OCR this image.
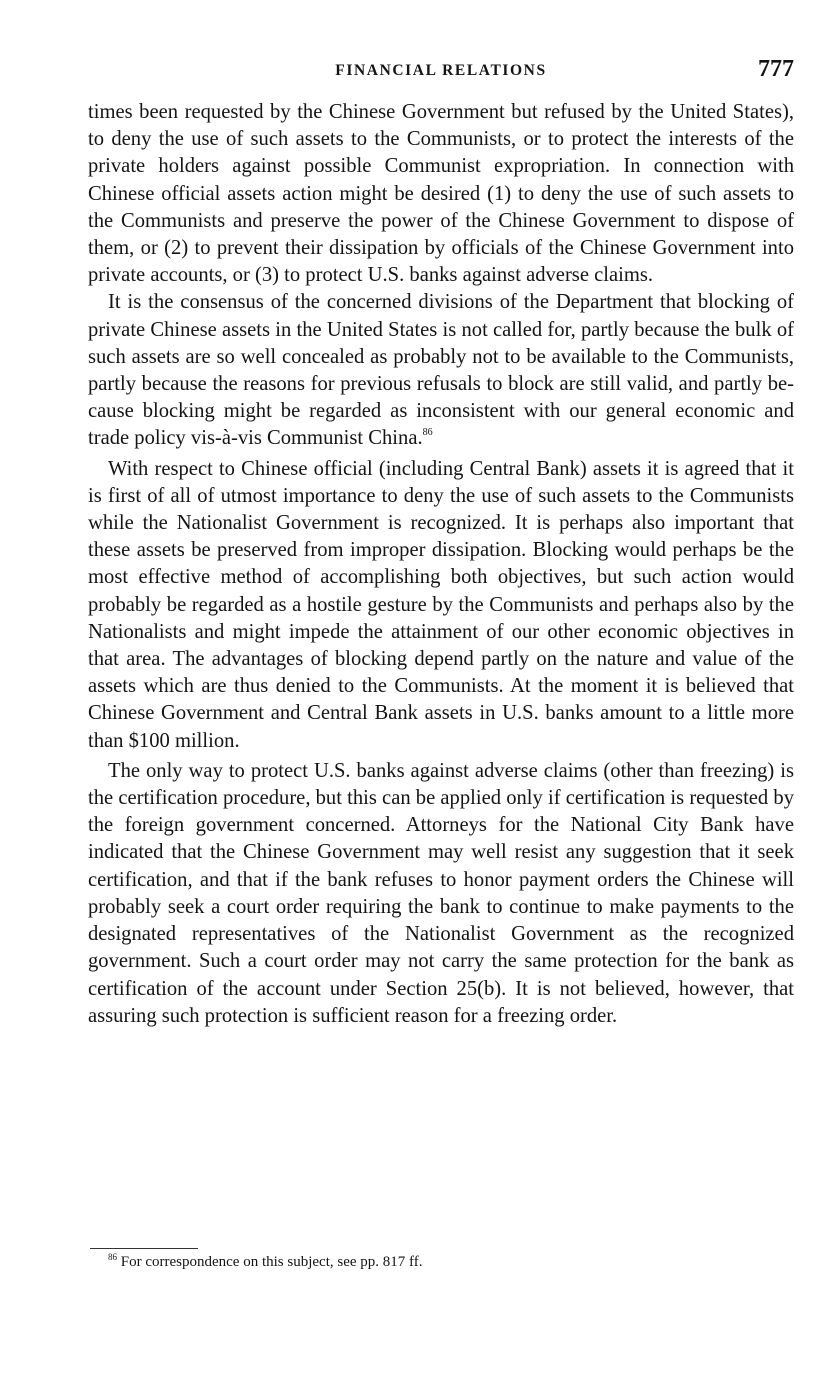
FINANCIAL RELATIONS	777

times been requested by the Chinese Government but refused by the United States), to deny the use of such assets to the Communists, or to protect the interests of the private holders against possible Communist expropriation. In connection with Chinese official assets action might be desired (1) to deny the use of such assets to the Communists and preserve the power of the Chinese Government to dispose of them, or (2) to prevent their dissipation by officials of the Chinese Government into private accounts, or (3) to protect U.S. banks against adverse claims.

It is the consensus of the concerned divisions of the Department that blocking of private Chinese assets in the United States is not called for, partly because the bulk of such assets are so well concealed as probably not to be available to the Communists, partly because the reasons for previous refusals to block are still valid, and partly because blocking might be regarded as inconsistent with our general economic and trade policy vis-à-vis Communist China.$^{86}$

With respect to Chinese official (including Central Bank) assets it is agreed that it is first of all of utmost importance to deny the use of such assets to the Communists while the Nationalist Government is recognized. It is perhaps also important that these assets be preserved from improper dissipation. Blocking would perhaps be the most effective method of accomplishing both objectives, but such action would probably be regarded as a hostile gesture by the Communists and perhaps also by the Nationalists and might impede the attainment of our other economic objectives in that area. The advantages of blocking depend partly on the nature and value of the assets which are thus denied to the Communists. At the moment it is believed that Chinese Government and Central Bank assets in U.S. banks amount to a little more than $100 million.

The only way to protect U.S. banks against adverse claims (other than freezing) is the certification procedure, but this can be applied only if certification is requested by the foreign government concerned. Attorneys for the National City Bank have indicated that the Chinese Government may well resist any suggestion that it seek certification, and that if the bank refuses to honor payment orders the Chinese will probably seek a court order requiring the bank to continue to make payments to the designated representatives of the Nationalist Government as the recognized government. Such a court order may not carry the same protection for the bank as certification of the account under Section 25(b). It is not believed, however, that assuring such protection is sufficient reason for a freezing order.

$^{86}$ For correspondence on this subject, see pp. 817 ff.
